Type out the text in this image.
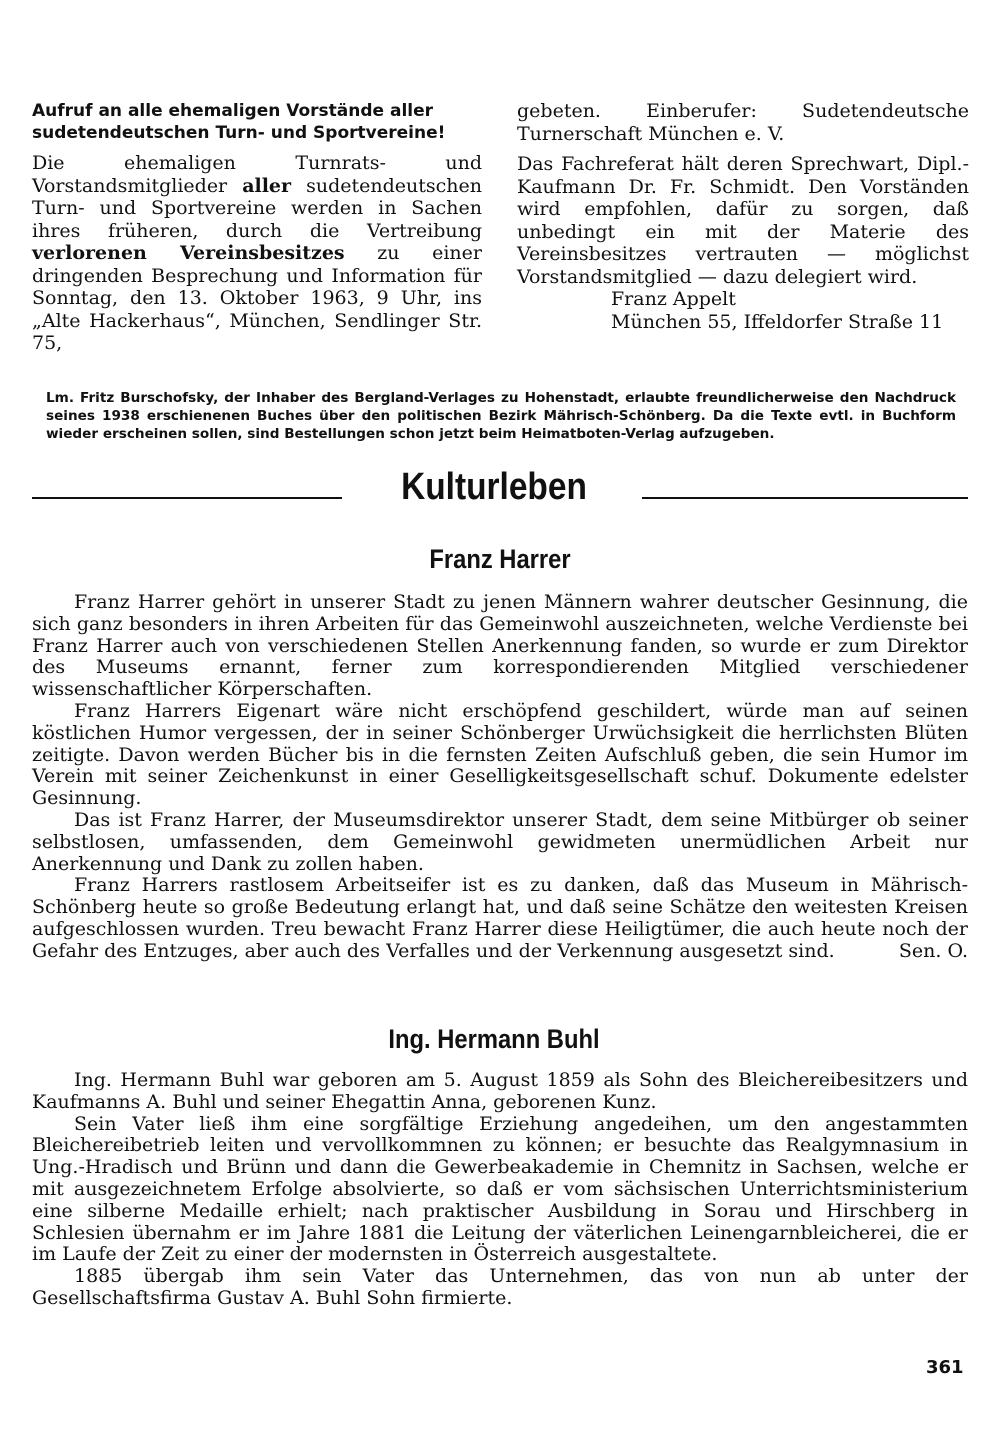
Aufruf an alle ehemaligen Vorstände aller sudetendeutschen Turn- und Sportvereine!

Die ehemaligen Turnrats- und Vorstandsmitglieder aller sudetendeutschen Turn- und Sportvereine werden in Sachen ihres früheren, durch die Vertreibung verlorenen Vereinsbesitzes zu einer dringenden Besprechung und Information für Sonntag, den 13. Oktober 1963, 9 Uhr, ins „Alte Hackerhaus“, München, Sendlinger Str. 75,

gebeten. Einberufer: Sudetendeutsche Turnerschaft München e. V.

Das Fachreferat hält deren Sprechwart, Dipl.-Kaufmann Dr. Fr. Schmidt. Den Vorständen wird empfohlen, dafür zu sorgen, daß unbedingt ein mit der Materie des Vereinsbesitzes vertrauten — möglichst Vorstandsmitglied — dazu delegiert wird.

Franz Appelt

München 55, Iffeldorfer Straße 11

Lm. Fritz Burschofsky, der Inhaber des Bergland-Verlages zu Hohenstadt, erlaubte freundlicherweise den Nachdruck seines 1938 erschienenen Buches über den politischen Bezirk Mährisch-Schönberg. Da die Texte evtl. in Buchform wieder erscheinen sollen, sind Bestellungen schon jetzt beim Heimatboten-Verlag aufzugeben.
Kulturleben
Franz Harrer

Franz Harrer gehört in unserer Stadt zu jenen Männern wahrer deutscher Gesinnung, die sich ganz besonders in ihren Arbeiten für das Gemeinwohl auszeichneten, welche Verdienste bei Franz Harrer auch von verschiedenen Stellen Anerkennung fanden, so wurde er zum Direktor des Museums ernannt, ferner zum korrespondierenden Mitglied verschiedener wissenschaftlicher Körperschaften.

Franz Harrers Eigenart wäre nicht erschöpfend geschildert, würde man auf seinen köstlichen Humor vergessen, der in seiner Schönberger Urwüchsigkeit die herrlichsten Blüten zeitigte. Davon werden Bücher bis in die fernsten Zeiten Aufschluß geben, die sein Humor im Verein mit seiner Zeichenkunst in einer Geselligkeitsgesellschaft schuf. Dokumente edelster Gesinnung.

Das ist Franz Harrer, der Museumsdirektor unserer Stadt, dem seine Mitbürger ob seiner selbstlosen, umfassenden, dem Gemeinwohl gewidmeten unermüdlichen Arbeit nur Anerkennung und Dank zu zollen haben.

Franz Harrers rastlosem Arbeitseifer ist es zu danken, daß das Museum in Mährisch-Schönberg heute so große Bedeutung erlangt hat, und daß seine Schätze den weitesten Kreisen aufgeschlossen wurden. Treu bewacht Franz Harrer diese Heiligtümer, die auch heute noch der Gefahr des Entzuges, aber auch des Verfalles und der Verkennung ausgesetzt sind.	Sen. O.

Ing. Hermann Buhl

Ing. Hermann Buhl war geboren am 5. August 1859 als Sohn des Bleichereibesitzers und Kaufmanns A. Buhl und seiner Ehegattin Anna, geborenen Kunz.

Sein Vater ließ ihm eine sorgfältige Erziehung angedeihen, um den angestammten Bleichereibetrieb leiten und vervollkommnen zu können; er besuchte das Realgymnasium in Ung.-Hradisch und Brünn und dann die Gewerbeakademie in Chemnitz in Sachsen, welche er mit ausgezeichnetem Erfolge absolvierte, so daß er vom sächsischen Unterrichtsministerium eine silberne Medaille erhielt; nach praktischer Ausbildung in Sorau und Hirschberg in Schlesien übernahm er im Jahre 1881 die Leitung der väterlichen Leinengarnbleicherei, die er im Laufe der Zeit zu einer der modernsten in Österreich ausgestaltete.

1885 übergab ihm sein Vater das Unternehmen, das von nun ab unter der Gesellschaftsfirma Gustav A. Buhl Sohn firmierte.

361
